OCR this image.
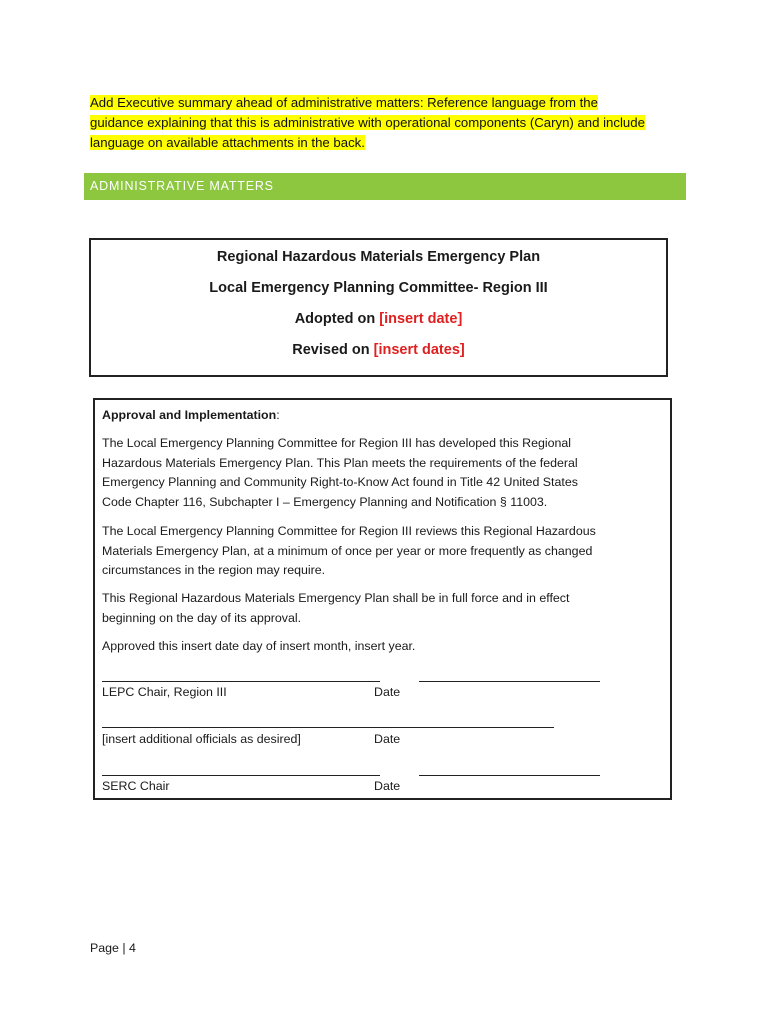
Add Executive summary ahead of administrative matters: Reference language from the
guidance explaining that this is administrative with operational components (Caryn) and include
language on available attachments in the back.
ADMINISTRATIVE MATTERS
Regional Hazardous Materials Emergency Plan
Local Emergency Planning Committee- Region III
Adopted on [insert date]
Revised on [insert dates]
Approval and Implementation:
The Local Emergency Planning Committee for Region III has developed this Regional
Hazardous Materials Emergency Plan. This Plan meets the requirements of the federal
Emergency Planning and Community Right-to-Know Act found in Title 42 United States
Code Chapter 116, Subchapter I – Emergency Planning and Notification § 11003.
The Local Emergency Planning Committee for Region III reviews this Regional Hazardous
Materials Emergency Plan, at a minimum of once per year or more frequently as changed
circumstances in the region may require.
This Regional Hazardous Materials Emergency Plan shall be in full force and in effect
beginning on the day of its approval.
Approved this insert date day of insert month, insert year.
LEPC Chair, Region III	Date
[insert additional officials as desired]	Date
SERC Chair	Date
Page | 4
